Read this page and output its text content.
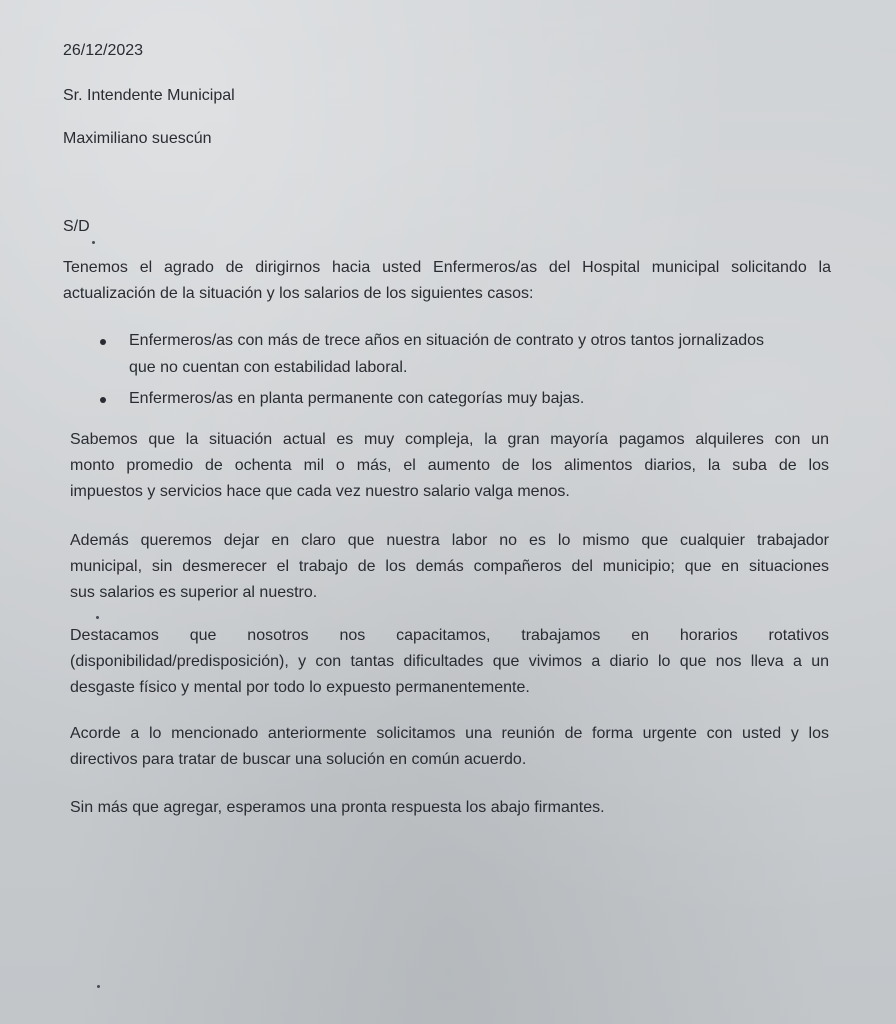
26/12/2023
Sr. Intendente Municipal
Maximiliano suescún
S/D
Tenemos el agrado de dirigirnos hacia usted Enfermeros/as del Hospital municipal solicitando la
actualización de la situación y los salarios de los siguientes casos:
Enfermeros/as con más de trece años en situación de contrato y otros tantos jornalizados
que no cuentan con estabilidad laboral.
Enfermeros/as en planta permanente con categorías muy bajas.
Sabemos que la situación actual es muy compleja, la gran mayoría pagamos alquileres con un
monto promedio de ochenta mil o más, el aumento de los alimentos diarios, la suba de los
impuestos y servicios hace que cada vez nuestro salario valga menos.
Además queremos dejar en claro que nuestra labor no es lo mismo que cualquier trabajador
municipal, sin desmerecer el trabajo de los demás compañeros del municipio; que en situaciones
sus salarios es superior al nuestro.
Destacamos que nosotros nos capacitamos, trabajamos en horarios rotativos
(disponibilidad/predisposición), y con tantas dificultades que vivimos a diario lo que nos lleva a un
desgaste físico y mental por todo lo expuesto permanentemente.
Acorde a lo mencionado anteriormente solicitamos una reunión de forma urgente con usted y los
directivos para tratar de buscar una solución en común acuerdo.
Sin más que agregar, esperamos una pronta respuesta los abajo firmantes.
